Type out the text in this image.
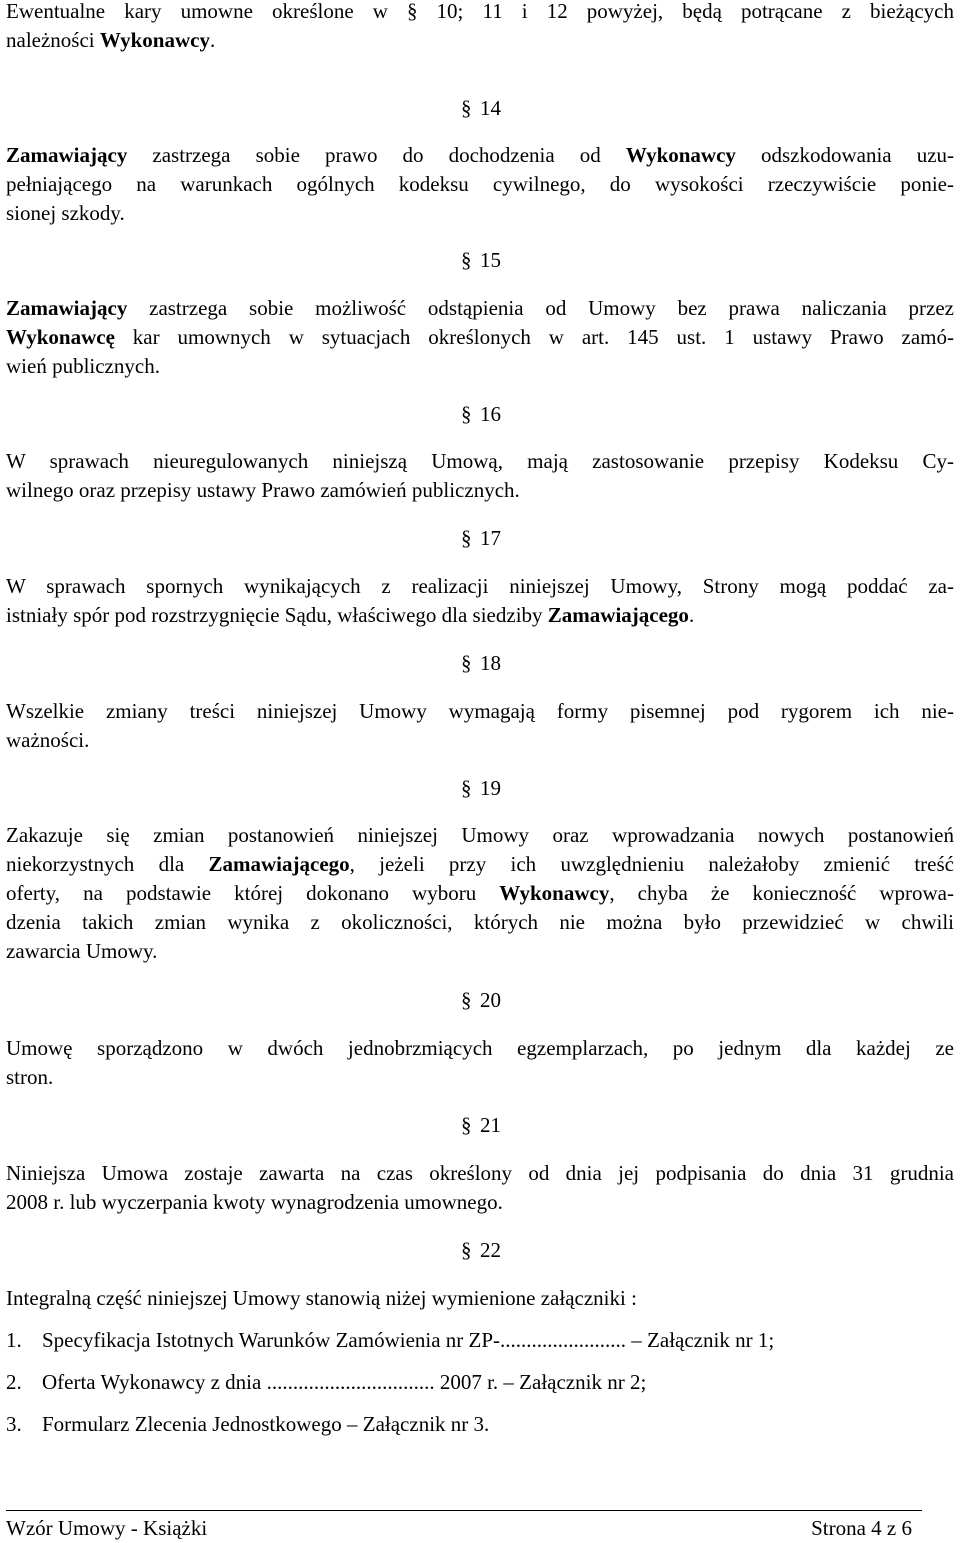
Ewentualne kary umowne określone w § 10; 11 i 12 powyżej, będą potrącane z bieżących
należności Wykonawcy.
§ 14
Zamawiający zastrzega sobie prawo do dochodzenia od Wykonawcy odszkodowania uzu-
pełniającego na warunkach ogólnych kodeksu cywilnego, do wysokości rzeczywiście ponie-
sionej szkody.
§ 15
Zamawiający zastrzega sobie możliwość odstąpienia od Umowy bez prawa naliczania przez
Wykonawcę kar umownych w sytuacjach określonych w art. 145 ust. 1 ustawy Prawo zamó-
wień publicznych.
§ 16
W sprawach nieuregulowanych niniejszą Umową, mają zastosowanie przepisy Kodeksu Cy-
wilnego oraz przepisy ustawy Prawo zamówień publicznych.
§ 17
W sprawach spornych wynikających z realizacji niniejszej Umowy, Strony mogą poddać za-
istniały spór pod rozstrzygnięcie Sądu, właściwego dla siedziby Zamawiającego.
§ 18
Wszelkie zmiany treści niniejszej Umowy wymagają formy pisemnej pod rygorem ich nie-
ważności.
§ 19
Zakazuje się zmian postanowień niniejszej Umowy oraz wprowadzania nowych postanowień
niekorzystnych dla Zamawiającego, jeżeli przy ich uwzględnieniu należałoby zmienić treść
oferty, na podstawie której dokonano wyboru Wykonawcy, chyba że konieczność wprowa-
dzenia takich zmian wynika z okoliczności, których nie można było przewidzieć w chwili
zawarcia Umowy.
§ 20
Umowę sporządzono w dwóch jednobrzmiących egzemplarzach, po jednym dla każdej ze
stron.
§ 21
Niniejsza Umowa zostaje zawarta na czas określony od dnia jej podpisania do dnia 31 grudnia
2008 r. lub wyczerpania kwoty wynagrodzenia umownego.
§ 22
Integralną część niniejszej Umowy stanowią niżej wymienione załączniki :
1. Specyfikacja Istotnych Warunków Zamówienia nr ZP-........................ – Załącznik nr 1;
2. Oferta Wykonawcy z dnia ................................ 2007 r. – Załącznik nr 2;
3. Formularz Zlecenia Jednostkowego – Załącznik nr 3.
Wzór Umowy - Książki	Strona 4 z 6
